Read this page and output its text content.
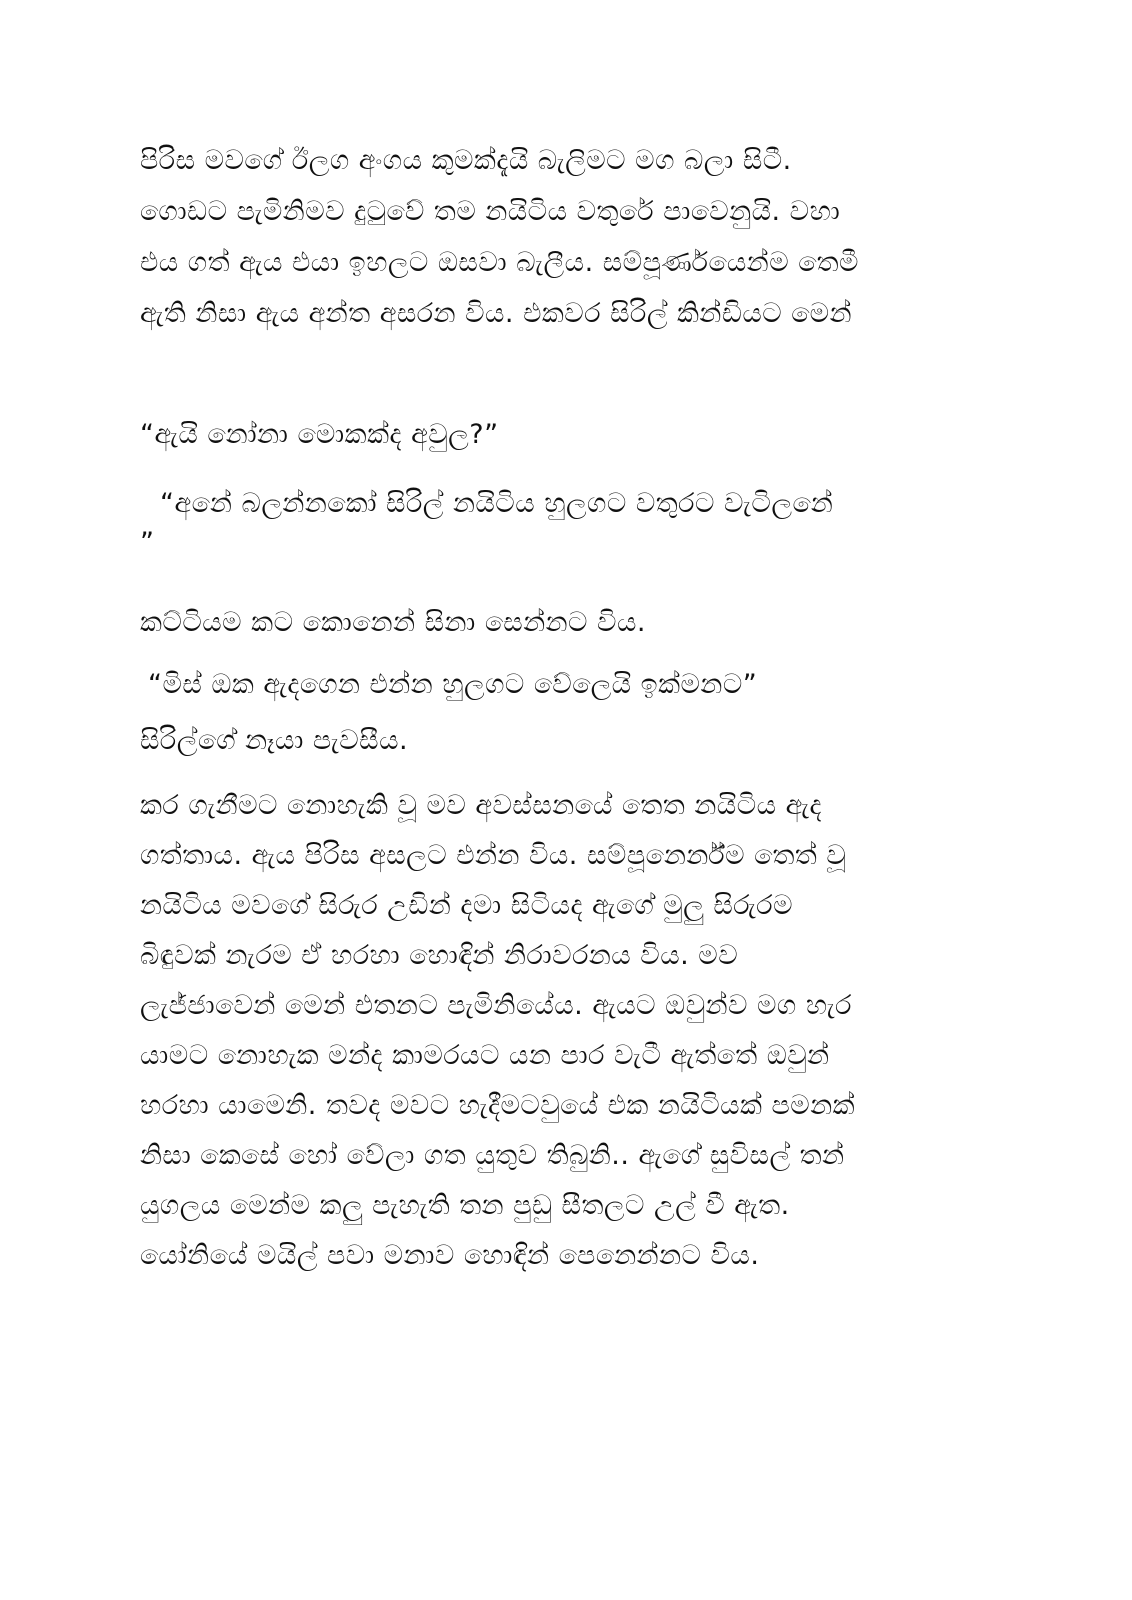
පිරිස මවගේ ඊලග අංගය කුමක්දැයි බැලිමට මග බලා සිටී.
ගොඩට පැමිනිමව දුටුවේ තම නයිටිය වතුරේ පාවෙනුයි. වහා
එය ගත් ඇය එයා ඉහලට ඔසවා බැලීය. සම්පූර්ණයෙන්ම තෙමී
ඇති නිසා ඇය අන්ත අසරන විය. එකවර සිරිල් කින්ඩියට මෙන්
“ඇයි නෝනා මොකක්ද අවුල?”
“අනේ බලන්නකෝ සිරිල් නයිටිය හුලගට වතුරට වැටිලනේ
”
කට්ටියම කට කොනෙන් සිනා සෙන්නට විය.
“මිස් ඔක ඇදගෙන එන්න හුලගට වේලෙයි ඉක්මනට”
සිරිල්ගේ නෑයා පැවසීය.
කර ගැනීමට නොහැකි වූ මව අවස්සනයේ තෙත නයිටිය ඇද
ගත්තාය. ඇය පිරිස අසලට එන්න විය. සම්පූනෙර්න්ම තෙත් වූ
නයිටිය මවගේ සිරුර උඩින් දමා සිටියද ඇගේ මුලු සිරුරම
බිඳුවක් නැරම ඒ හරහා හොඳින් නිරාවරනය විය. මව
ලැජ්ජාවෙන් මෙන් එතනට පැමිනියේය. ඇයට ඔවුන්ව මග හැර
යාමට නොහැක මන්ද කාමරයට යන පාර වැටී ඇත්තේ ඔවුන්
හරහා යාමෙනි. තවද මවට හැදීමටවුයේ එක නයිටියක් පමනක්
නිසා කෙසේ හෝ වේලා ගත යුතුව තිබුනි.. ඇගේ සුවිසල් තන්
යුගලය මෙන්ම කලු පැහැති තන පුඩු සීතලට උල් වී ඇත.
යෝනියේ මයිල් පවා මනාව හොඳින් පෙනෙන්නට විය.
